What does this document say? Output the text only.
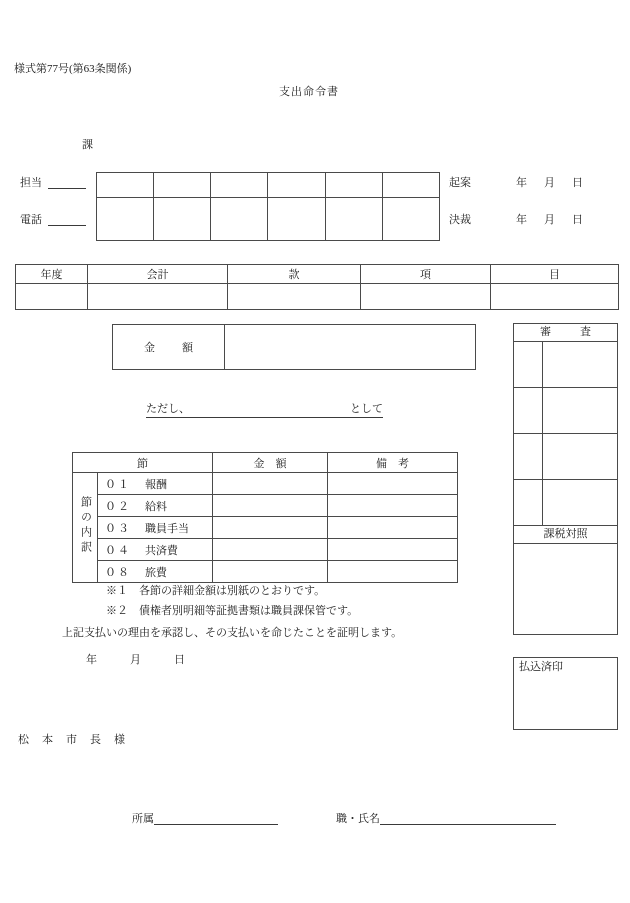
様式第77号(第63条関係)
支出命令書
課
担当
電話

起案	年　月　日
決裁	年　月　日
年度	会計	款	項	目

金　額	
ただし、	として
節		金　額	備　考
節の内訳	０１ 報酬		
	０２ 給料		
	０３ 職員手当		
	０４ 共済費		
	０８ 旅費		
※１　各節の詳細金額は別紙のとおりです。
※２　債権者別明細等証拠書類は職員課保管です。
上記支払いの理由を承認し、その支払いを命じたことを証明します。
年　　　月　　　日
松　本　市　長　様
審　査
課税対照
払込済印
所属	職・氏名
